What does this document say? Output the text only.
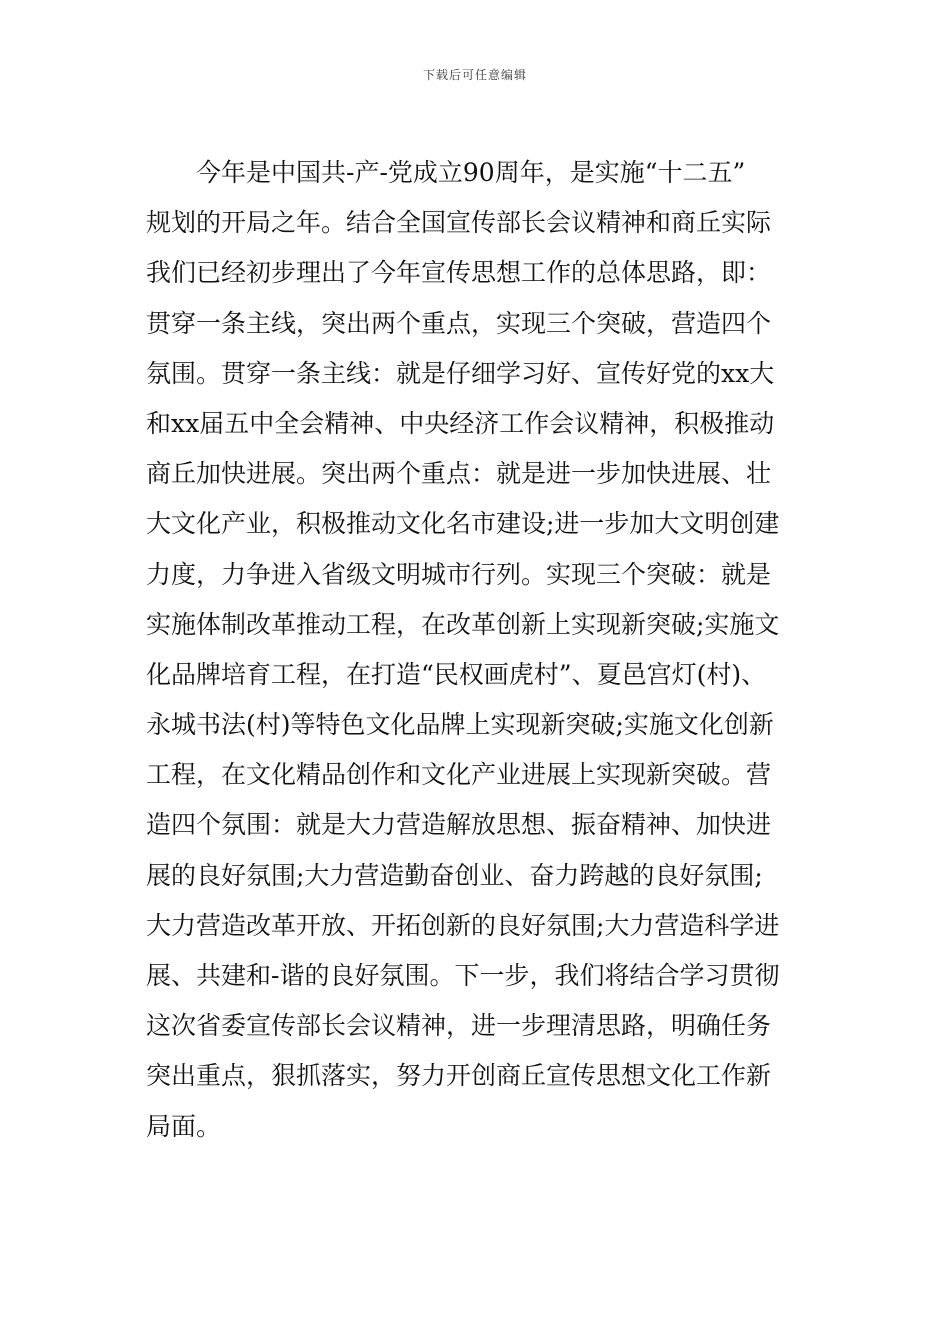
下载后可任意编辑
今年是中国共-产-党成立90周年，是实施“十二五”
规划的开局之年。结合全国宣传部长会议精神和商丘实际
我们已经初步理出了今年宣传思想工作的总体思路，即：
贯穿一条主线，突出两个重点，实现三个突破，营造四个
氛围。贯穿一条主线：就是仔细学习好、宣传好党的xx大
和xx届五中全会精神、中央经济工作会议精神，积极推动
商丘加快进展。突出两个重点：就是进一步加快进展、壮
大文化产业，积极推动文化名市建设;进一步加大文明创建
力度，力争进入省级文明城市行列。实现三个突破：就是
实施体制改革推动工程，在改革创新上实现新突破;实施文
化品牌培育工程，在打造“民权画虎村”、夏邑宫灯(村)、
永城书法(村)等特色文化品牌上实现新突破;实施文化创新
工程，在文化精品创作和文化产业进展上实现新突破。营
造四个氛围：就是大力营造解放思想、振奋精神、加快进
展的良好氛围;大力营造勤奋创业、奋力跨越的良好氛围;
大力营造改革开放、开拓创新的良好氛围;大力营造科学进
展、共建和-谐的良好氛围。下一步，我们将结合学习贯彻
这次省委宣传部长会议精神，进一步理清思路，明确任务
突出重点，狠抓落实，努力开创商丘宣传思想文化工作新
局面。
